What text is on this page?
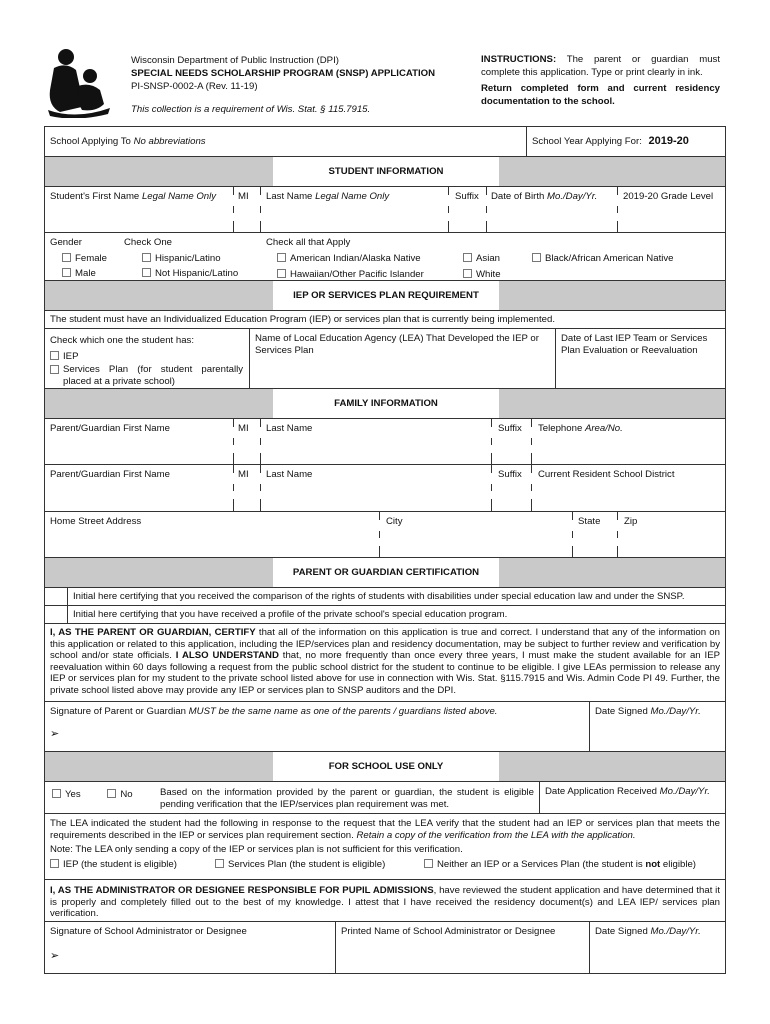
Wisconsin Department of Public Instruction (DPI)
SPECIAL NEEDS SCHOLARSHIP PROGRAM (SNSP) APPLICATION
PI-SNSP-0002-A (Rev. 11-19)
This collection is a requirement of Wis. Stat. § 115.7915.
INSTRUCTIONS: The parent or guardian must complete this application. Type or print clearly in ink.
Return completed form and current residency documentation to the school.
School Applying To No abbreviations	School Year Applying For: 2019-20
STUDENT INFORMATION
Student's First Name Legal Name Only	MI	Last Name Legal Name Only	Suffix	Date of Birth Mo./Day/Yr.	2019-20 Grade Level
Gender
Female
Male
Check One
Hispanic/Latino
Not Hispanic/Latino
Check all that Apply
American Indian/Alaska Native
Hawaiian/Other Pacific Islander
Asian
White
Black/African American Native
IEP OR SERVICES PLAN REQUIREMENT
The student must have an Individualized Education Program (IEP) or services plan that is currently being implemented.
Check which one the student has:
IEP
Services Plan (for student parentally placed at a private school)
Name of Local Education Agency (LEA) That Developed the IEP or Services Plan
Date of Last IEP Team or Services Plan Evaluation or Reevaluation
FAMILY INFORMATION
Parent/Guardian First Name	MI	Last Name	Suffix	Telephone Area/No.
Parent/Guardian First Name	MI	Last Name	Suffix	Current Resident School District
Home Street Address	City	State	Zip
PARENT OR GUARDIAN CERTIFICATION
Initial here certifying that you received the comparison of the rights of students with disabilities under special education law and under the SNSP.
Initial here certifying that you have received a profile of the private school's special education program.
I, AS THE PARENT OR GUARDIAN, CERTIFY that all of the information on this application is true and correct. I understand that any of the information on this application or related to this application, including the IEP/services plan and residency documentation, may be subject to further review and verification by school and/or state officials. I ALSO UNDERSTAND that, no more frequently than once every three years, I must make the student available for an IEP reevaluation within 60 days following a request from the public school district for the student to continue to be eligible. I give LEAs permission to release any IEP or services plan for my student to the private school listed above for use in connection with Wis. Stat. §115.7915 and Wis. Admin Code PI 49. Further, the private school listed above may provide any IEP or services plan to SNSP auditors and the DPI.
Signature of Parent or Guardian MUST be the same name as one of the parents / guardians listed above.
➢
Date Signed Mo./Day/Yr.
FOR SCHOOL USE ONLY
Yes	No	Based on the information provided by the parent or guardian, the student is eligible pending verification that the IEP/services plan requirement was met.
Date Application Received Mo./Day/Yr.
The LEA indicated the student had the following in response to the request that the LEA verify that the student had an IEP or services plan that meets the requirements described in the IEP or services plan requirement section. Retain a copy of the verification from the LEA with the application.
Note: The LEA only sending a copy of the IEP or services plan is not sufficient for this verification.
IEP (the student is eligible)	Services Plan (the student is eligible)	Neither an IEP or a Services Plan (the student is not eligible)
I, AS THE ADMINISTRATOR OR DESIGNEE RESPONSIBLE FOR PUPIL ADMISSIONS, have reviewed the student application and have determined that it is properly and completely filled out to the best of my knowledge. I attest that I have received the residency document(s) and LEA IEP/ services plan verification.
Signature of School Administrator or Designee
➢
Printed Name of School Administrator or Designee	Date Signed Mo./Day/Yr.
